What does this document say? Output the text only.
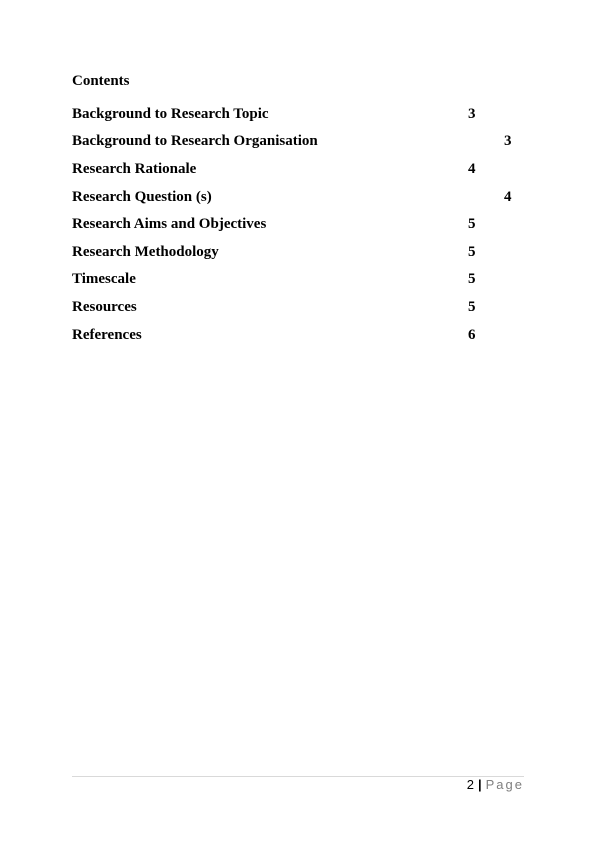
Contents
Background to Research Topic	3
Background to Research Organisation	3
Research Rationale	4
Research Question (s)	4
Research Aims and Objectives	5
Research Methodology	5
Timescale	5
Resources	5
References	6
2 | Page
